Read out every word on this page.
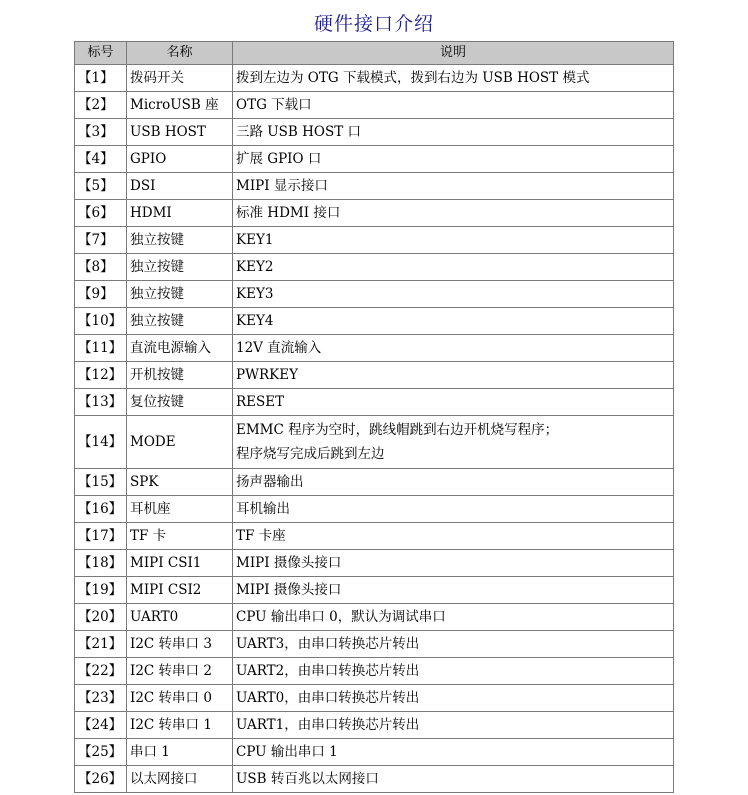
硬件接口介绍
标号	名称	说明
【1】	拨码开关	拨到左边为 OTG 下载模式，拨到右边为 USB HOST 模式
【2】	MicroUSB 座	OTG 下载口
【3】	USB HOST	三路 USB HOST 口
【4】	GPIO	扩展 GPIO 口
【5】	DSI	MIPI 显示接口
【6】	HDMI	标准 HDMI 接口
【7】	独立按键	KEY1
【8】	独立按键	KEY2
【9】	独立按键	KEY3
【10】	独立按键	KEY4
【11】	直流电源输入	12V 直流输入
【12】	开机按键	PWRKEY
【13】	复位按键	RESET
【14】	MODE	EMMC 程序为空时，跳线帽跳到右边开机烧写程序；
程序烧写完成后跳到左边

【15】	SPK	扬声器输出
【16】	耳机座	耳机输出
【17】	TF 卡	TF 卡座
【18】	MIPI CSI1	MIPI 摄像头接口
【19】	MIPI CSI2	MIPI 摄像头接口
【20】	UART0	CPU 输出串口 0，默认为调试串口
【21】	I2C 转串口 3	UART3，由串口转换芯片转出
【22】	I2C 转串口 2	UART2，由串口转换芯片转出
【23】	I2C 转串口 0	UART0，由串口转换芯片转出
【24】	I2C 转串口 1	UART1，由串口转换芯片转出
【25】	串口 1	CPU 输出串口 1
【26】	以太网接口	USB 转百兆以太网接口
